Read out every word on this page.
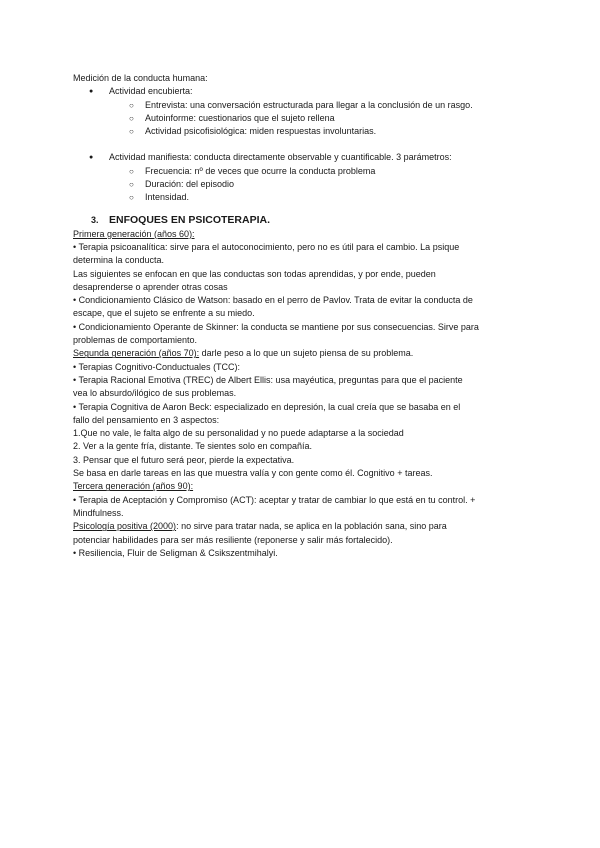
Medición de la conducta humana:
● Actividad encubierta:
○ Entrevista: una conversación estructurada para llegar a la conclusión de un rasgo.
○ Autoinforme: cuestionarios que el sujeto rellena
○ Actividad psicofisiológica: miden respuestas involuntarias.
● Actividad manifiesta: conducta directamente observable y cuantificable. 3 parámetros:
○ Frecuencia: nº de veces que ocurre la conducta problema
○ Duración: del episodio
○ Intensidad.
3. ENFOQUES EN PSICOTERAPIA.

Primera generación (años 60):

• Terapia psicoanalítica: sirve para el autoconocimiento, pero no es útil para el cambio. La psique

determina la conducta.

Las siguientes se enfocan en que las conductas son todas aprendidas, y por ende, pueden

desaprenderse o aprender otras cosas

• Condicionamiento Clásico de Watson: basado en el perro de Pavlov. Trata de evitar la conducta de

escape, que el sujeto se enfrente a su miedo.

• Condicionamiento Operante de Skinner: la conducta se mantiene por sus consecuencias. Sirve para

problemas de comportamiento.

Segunda generación (años 70): darle peso a lo que un sujeto piensa de su problema.

• Terapias Cognitivo-Conductuales (TCC):

• Terapia Racional Emotiva (TREC) de Albert Ellis: usa mayéutica, preguntas para que el paciente

vea lo absurdo/ilógico de sus problemas.

• Terapia Cognitiva de Aaron Beck: especializado en depresión, la cual creía que se basaba en el

fallo del pensamiento en 3 aspectos:

1.Que no vale, le falta algo de su personalidad y no puede adaptarse a la sociedad

2. Ver a la gente fría, distante. Te sientes solo en compañía.

3. Pensar que el futuro será peor, pierde la expectativa.

Se basa en darle tareas en las que muestra valía y con gente como él. Cognitivo + tareas.

Tercera generación (años 90):

• Terapia de Aceptación y Compromiso (ACT): aceptar y tratar de cambiar lo que está en tu control. +

Mindfulness.

Psicología positiva (2000): no sirve para tratar nada, se aplica en la población sana, sino para

potenciar habilidades para ser más resiliente (reponerse y salir más fortalecido).

• Resiliencia, Fluir de Seligman & Csikszentmihalyi.
